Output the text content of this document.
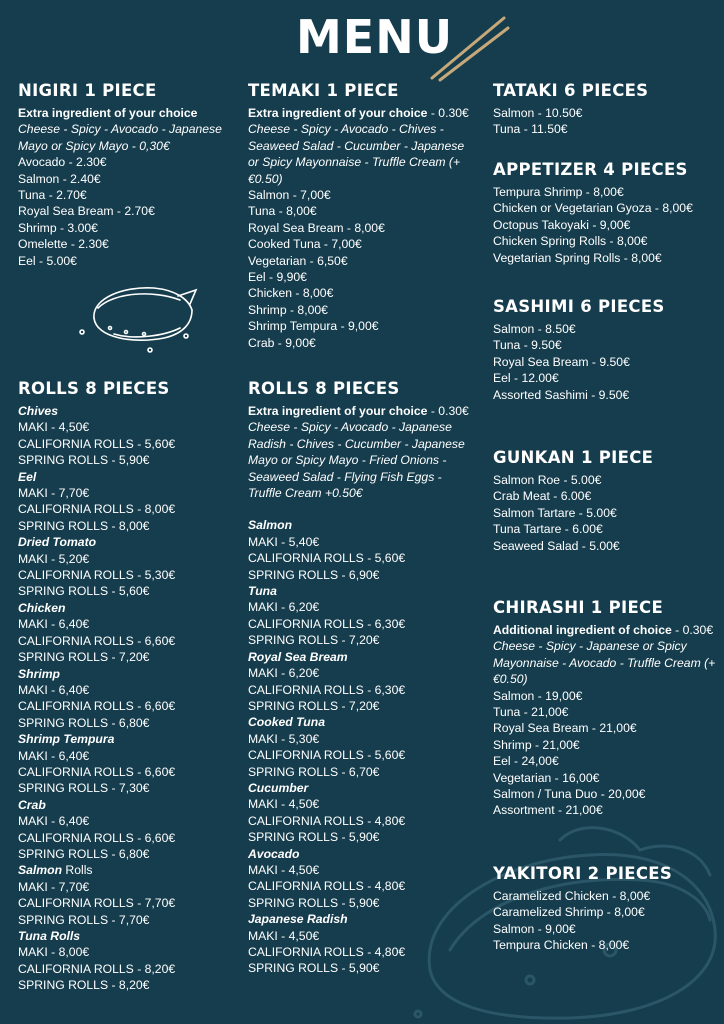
MENU
NIGIRI 1 PIECE
Extra ingredient of your choice
Cheese - Spicy - Avocado - Japanese Mayo or Spicy Mayo - 0,30€
Avocado - 2.30€
Salmon - 2.40€
Tuna - 2.70€
Royal Sea Bream - 2.70€
Shrimp - 3.00€
Omelette - 2.30€
Eel - 5.00€
ROLLS 8 PIECES
Chives
MAKI - 4,50€
CALIFORNIA ROLLS - 5,60€
SPRING ROLLS - 5,90€
Eel
MAKI - 7,70€
CALIFORNIA ROLLS - 8,00€
SPRING ROLLS - 8,00€
Dried Tomato
MAKI - 5,20€
CALIFORNIA ROLLS - 5,30€
SPRING ROLLS - 5,60€
Chicken
MAKI - 6,40€
CALIFORNIA ROLLS - 6,60€
SPRING ROLLS - 7,20€
Shrimp
MAKI - 6,40€
CALIFORNIA ROLLS - 6,60€
SPRING ROLLS - 6,80€
Shrimp Tempura
MAKI - 6,40€
CALIFORNIA ROLLS - 6,60€
SPRING ROLLS - 7,30€
Crab
MAKI - 6,40€
CALIFORNIA ROLLS - 6,60€
SPRING ROLLS - 6,80€
Salmon Rolls
MAKI - 7,70€
CALIFORNIA ROLLS - 7,70€
SPRING ROLLS - 7,70€
Tuna Rolls
MAKI - 8,00€
CALIFORNIA ROLLS - 8,20€
SPRING ROLLS - 8,20€
TEMAKI 1 PIECE
Extra ingredient of your choice - 0.30€
Cheese - Spicy - Avocado - Chives - Seaweed Salad - Cucumber - Japanese or Spicy Mayonnaise - Truffle Cream (+€0.50)
Salmon - 7,00€
Tuna - 8,00€
Royal Sea Bream - 8,00€
Cooked Tuna - 7,00€
Vegetarian - 6,50€
Eel - 9,90€
Chicken - 8,00€
Shrimp - 8,00€
Shrimp Tempura - 9,00€
Crab - 9,00€
ROLLS 8 PIECES
Extra ingredient of your choice - 0.30€
Cheese - Spicy - Avocado - Japanese Radish - Chives - Cucumber - Japanese Mayo or Spicy Mayo - Fried Onions - Seaweed Salad - Flying Fish Eggs - Truffle Cream +0.50€
Salmon
MAKI - 5,40€
CALIFORNIA ROLLS - 5,60€
SPRING ROLLS - 6,90€
Tuna
MAKI - 6,20€
CALIFORNIA ROLLS - 6,30€
SPRING ROLLS - 7,20€
Royal Sea Bream
MAKI - 6,20€
CALIFORNIA ROLLS - 6,30€
SPRING ROLLS - 7,20€
Cooked Tuna
MAKI - 5,30€
CALIFORNIA ROLLS - 5,60€
SPRING ROLLS - 6,70€
Cucumber
MAKI - 4,50€
CALIFORNIA ROLLS - 4,80€
SPRING ROLLS - 5,90€
Avocado
MAKI - 4,50€
CALIFORNIA ROLLS - 4,80€
SPRING ROLLS - 5,90€
Japanese Radish
MAKI - 4,50€
CALIFORNIA ROLLS - 4,80€
SPRING ROLLS - 5,90€
TATAKI 6 PIECES
Salmon - 10.50€
Tuna - 11.50€
APPETIZER 4 PIECES
Tempura Shrimp - 8,00€
Chicken or Vegetarian Gyoza - 8,00€
Octopus Takoyaki - 9,00€
Chicken Spring Rolls - 8,00€
Vegetarian Spring Rolls - 8,00€
SASHIMI 6 PIECES
Salmon - 8.50€
Tuna - 9.50€
Royal Sea Bream - 9.50€
Eel - 12.00€
Assorted Sashimi - 9.50€
GUNKAN 1 PIECE
Salmon Roe - 5.00€
Crab Meat - 6.00€
Salmon Tartare - 5.00€
Tuna Tartare - 6.00€
Seaweed Salad - 5.00€
CHIRASHI 1 PIECE
Additional ingredient of choice - 0.30€
Cheese - Spicy - Japanese or Spicy Mayonnaise - Avocado - Truffle Cream (+€0.50)
Salmon - 19,00€
Tuna - 21,00€
Royal Sea Bream - 21,00€
Shrimp - 21,00€
Eel - 24,00€
Vegetarian - 16,00€
Salmon / Tuna Duo - 20,00€
Assortment - 21,00€
YAKITORI 2 PIECES
Caramelized Chicken - 8,00€
Caramelized Shrimp - 8,00€
Salmon - 9,00€
Tempura Chicken - 8,00€
